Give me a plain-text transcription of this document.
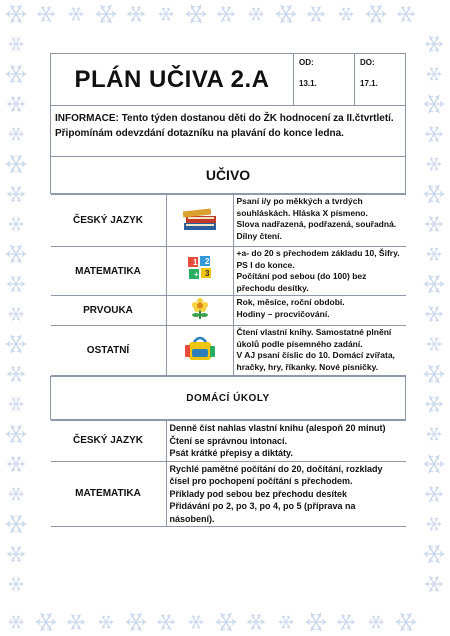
PLÁN UČIVA 2.A	
OD:
13.1.

DO:
17.1.

INFORMACE: Tento týden dostanou děti do ŽK hodnocení za II.čtvrtletí. Připomínám odevzdání dotazníku na plavání do konce ledna.
UČIVO

ČESKÝ JAZYK		
Psaní i/y po měkkých a tvrdých souhláskách. Hláska X písmeno.
Slova nadřazená, podřazená, souřadná.
Dílny čtení.

MATEMATIKA	
1 2
+ 3

+a- do 20 s přechodem základu 10, Šifry. PS I do konce.
Počítání pod sebou (do 100) bez přechodu desítky.

PRVOUKA		
Rok, měsíce, roční období.
Hodiny – procvičování.

OSTATNÍ		
Čtení vlastní knihy. Samostatné plnění úkolů podle písemného zadání.
V AJ psaní číslic do 10. Domácí zvířata, hračky, hry, říkanky. Nové písničky.

DOMÁCÍ ÚKOLY

ČESKÝ JAZYK	
Denně číst nahlas vlastní knihu (alespoň 20 minut)
Čtení se správnou intonací.
Psát krátké přepisy a diktáty.

MATEMATIKA	
Rychlé pamětné počítání do 20, dočítání, rozklady čísel pro pochopení počítání s přechodem.
Příklady pod sebou bez přechodu desítek
Přidávání po 2, po 3, po 4, po 5 (příprava na násobení).
